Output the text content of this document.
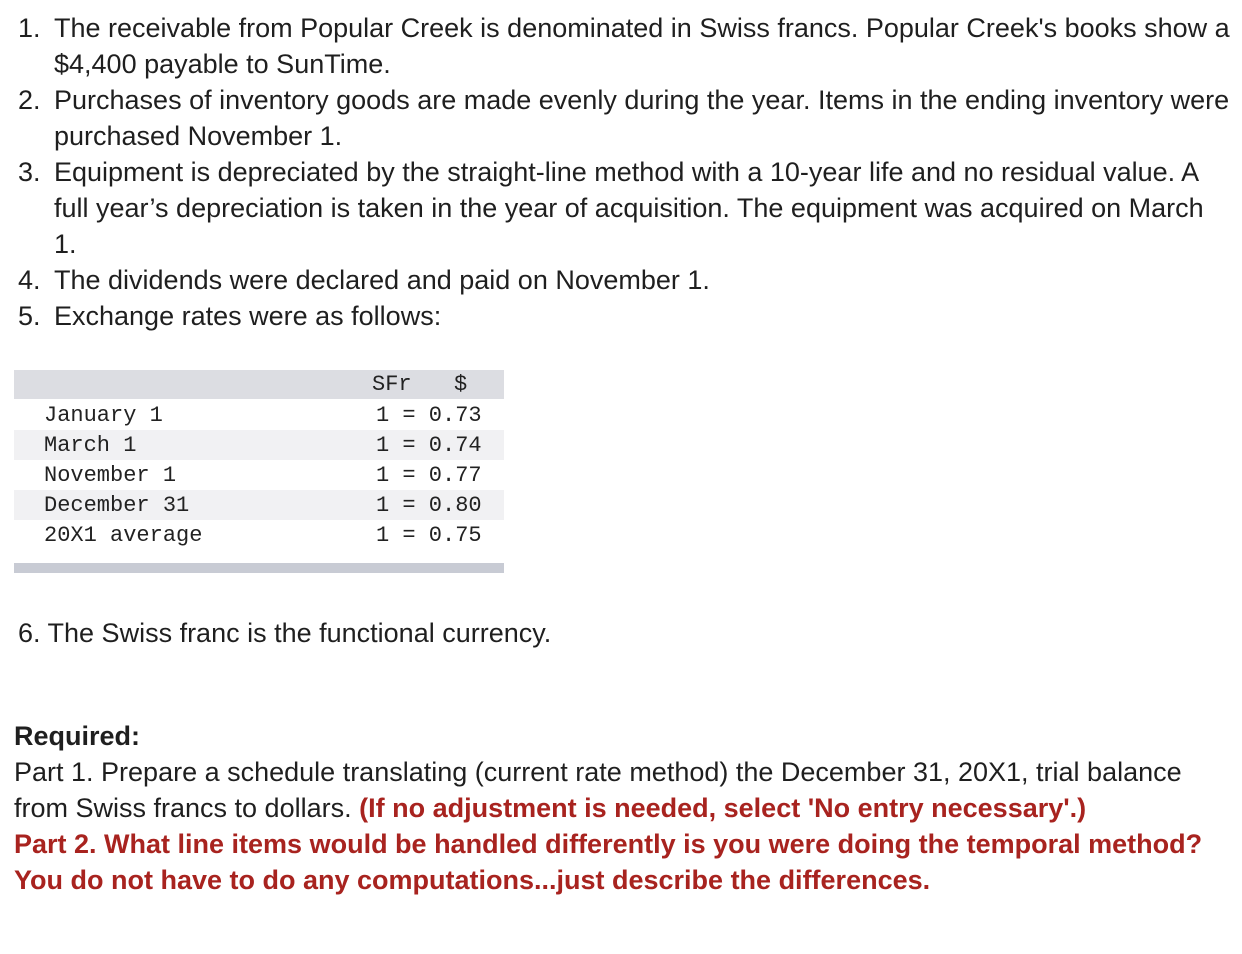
1. The receivable from Popular Creek is denominated in Swiss francs. Popular Creek's books show a $4,400 payable to SunTime.
2. Purchases of inventory goods are made evenly during the year. Items in the ending inventory were purchased November 1.
3. Equipment is depreciated by the straight-line method with a 10-year life and no residual value. A full year’s depreciation is taken in the year of acquisition. The equipment was acquired on March 1.
4. The dividends were declared and paid on November 1.
5. Exchange rates were as follows:
SFr $
January 1	1 = 0.73
March 1	1 = 0.74
November 1	1 = 0.77
December 31	1 = 0.80
20X1 average	1 = 0.75
6. The Swiss franc is the functional currency.
Required:
Part 1. Prepare a schedule translating (current rate method) the December 31, 20X1, trial balance from Swiss francs to dollars. (If no adjustment is needed, select 'No entry necessary'.)
Part 2. What line items would be handled differently is you were doing the temporal method? You do not have to do any computations...just describe the differences.
